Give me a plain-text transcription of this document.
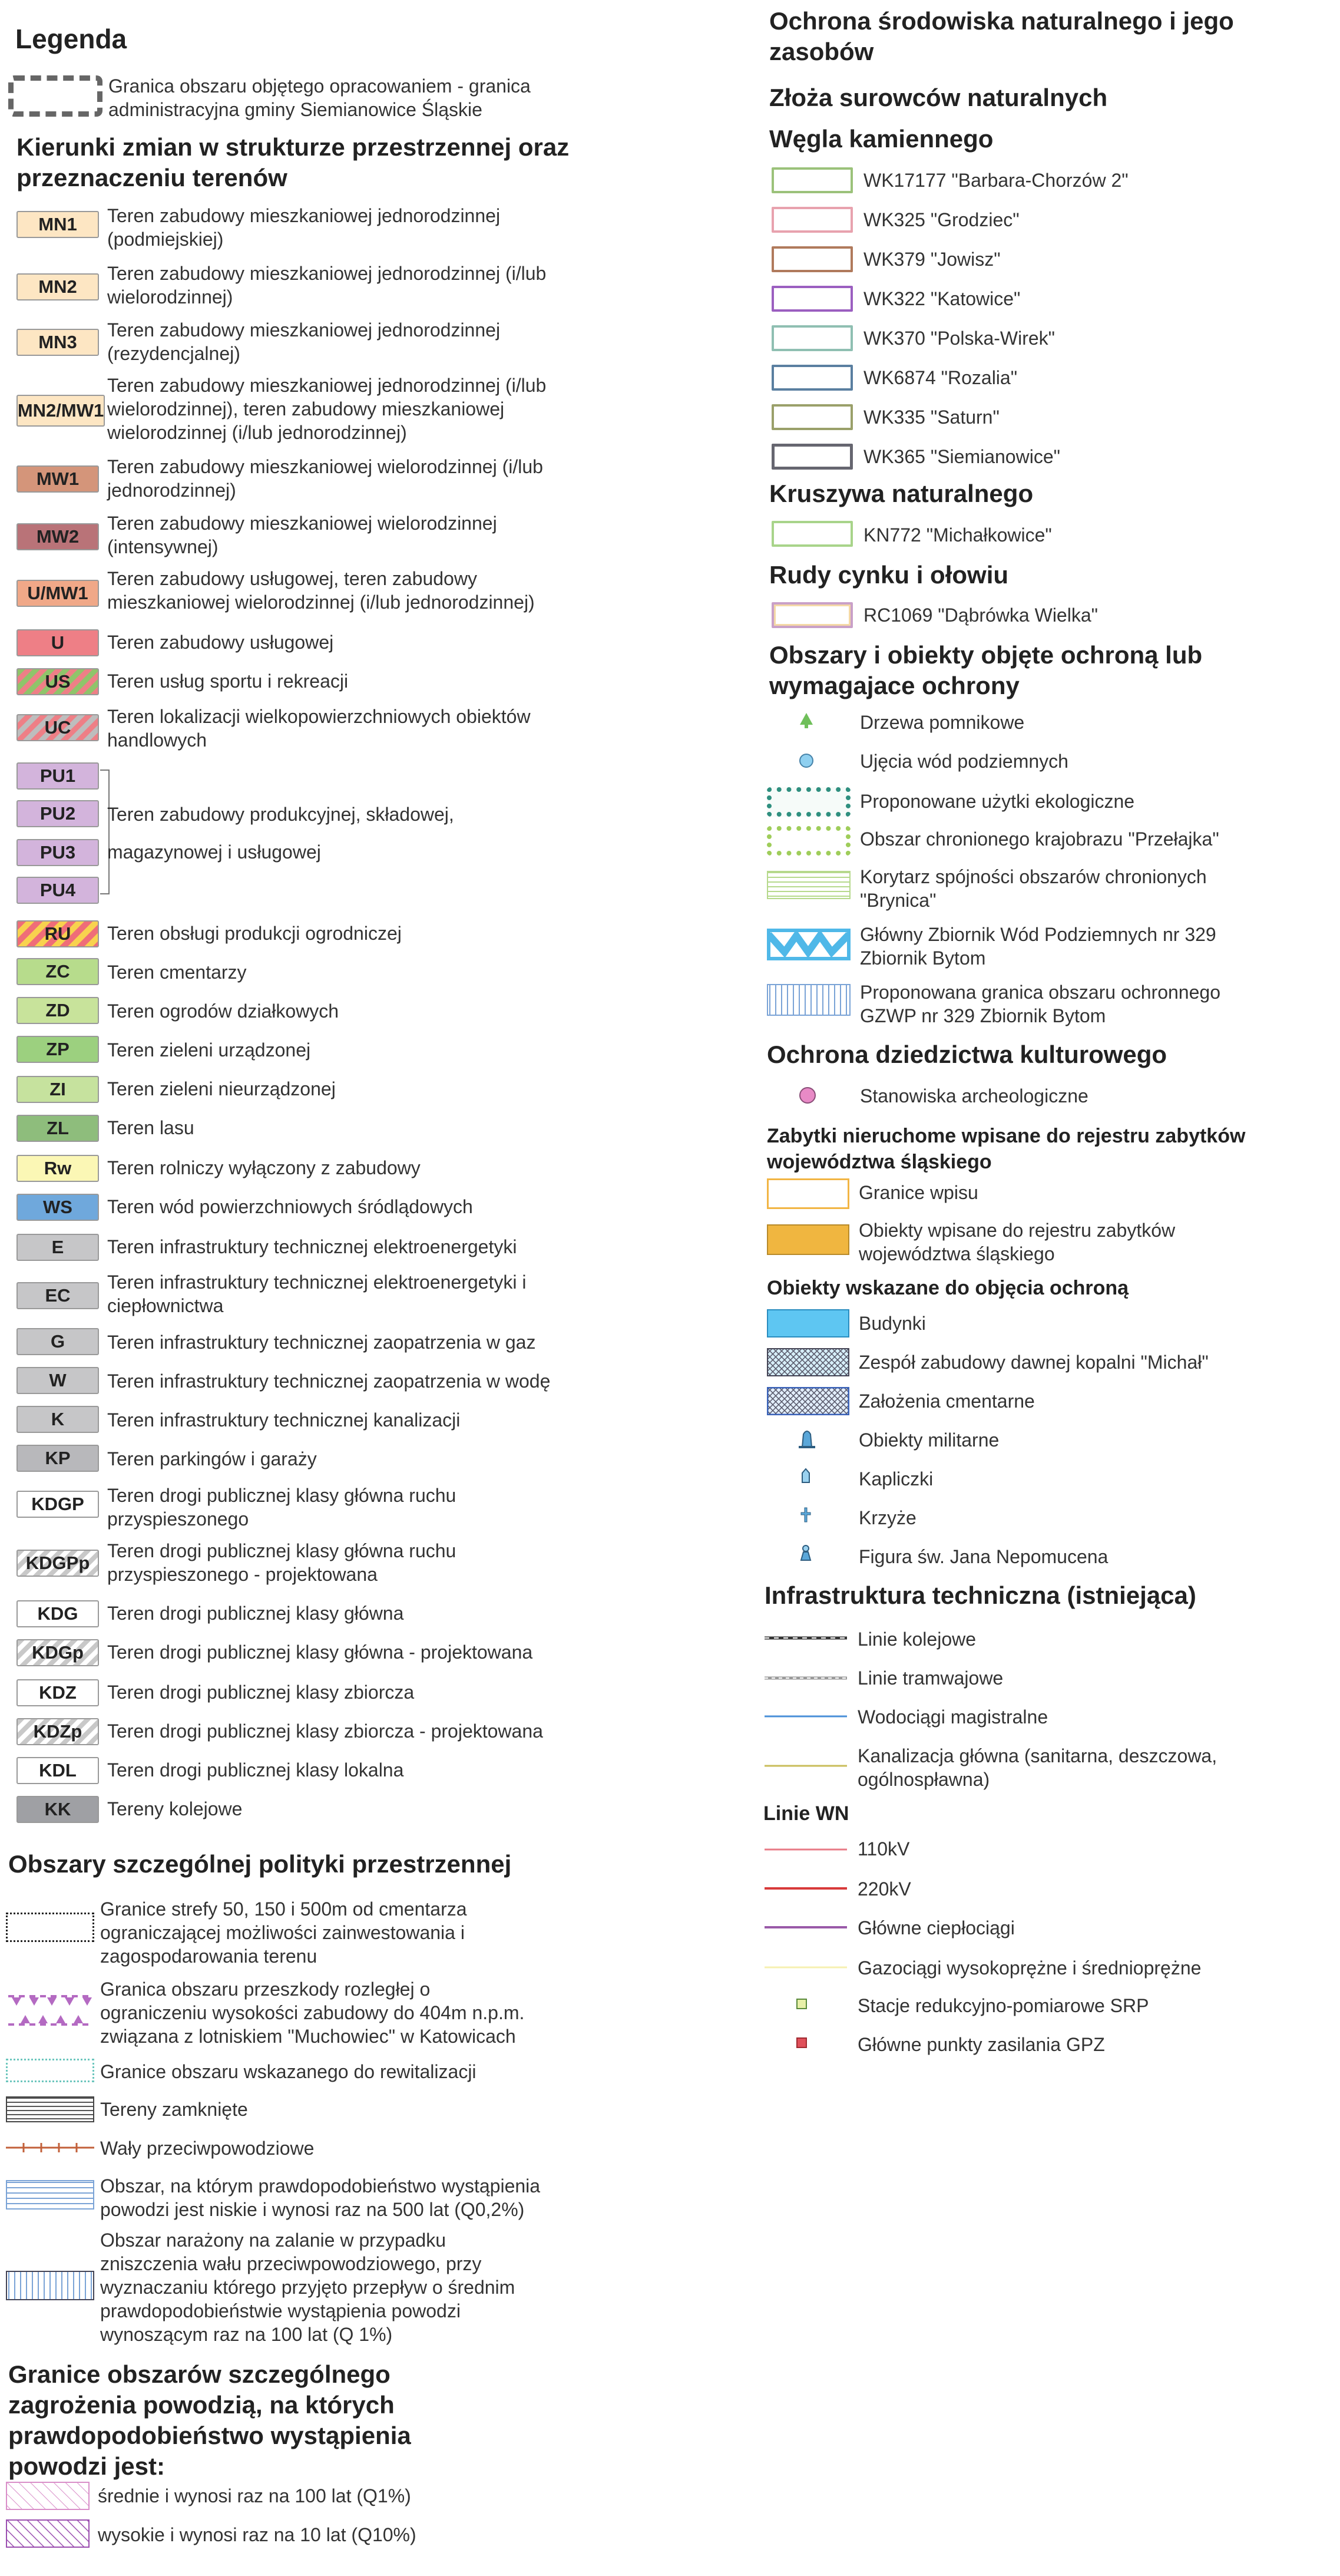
Legenda
Granica obszaru objętego opracowaniem - granica administracyjna gminy Siemianowice Śląskie
Kierunki zmian w strukturze przestrzennej oraz przeznaczeniu terenów
MN1 Teren zabudowy mieszkaniowej jednorodzinnej (podmiejskiej)
MN2
Teren zabudowy mieszkaniowej jednorodzinnej (i/lub wielorodzinnej)
MN3
Teren zabudowy mieszkaniowej jednorodzinnej (rezydencjalnej)
MN2/MW1
Teren zabudowy mieszkaniowej jednorodzinnej (i/lub wielorodzinnej), teren zabudowy mieszkaniowej wielorodzinnej (i/lub jednorodzinnej)
MW1
Teren zabudowy mieszkaniowej wielorodzinnej (i/lub jednorodzinnej)
MW2
Teren zabudowy mieszkaniowej wielorodzinnej (intensywnej)
U/MW1
Teren zabudowy usługowej, teren zabudowy mieszkaniowej wielorodzinnej (i/lub jednorodzinnej)
U Teren zabudowy usługowej
US Teren usług sportu i rekreacji
UC
Teren lokalizacji wielkopowierzchniowych obiektów handlowych
PU1
PU2
PU3
PU4
RU Teren obsługi produkcji ogrodniczej
ZC Teren cmentarzy
ZD Teren ogrodów działkowych
ZP Teren zieleni urządzonej
ZI Teren zieleni nieurządzonej
ZL Teren lasu
Rw Teren rolniczy wyłączony z zabudowy
WS Teren wód powierzchniowych śródlądowych
E Teren infrastruktury technicznej elektroenergetyki
EC
Teren infrastruktury technicznej elektroenergetyki i ciepłownictwa
G Teren infrastruktury technicznej zaopatrzenia w gaz
W Teren infrastruktury technicznej zaopatrzenia w wodę
K Teren infrastruktury technicznej kanalizacji
KP Teren parkingów i garaży
KDGP Teren drogi publicznej klasy główna ruchu przyspieszonego
KDGPp
Teren drogi publicznej klasy główna ruchu przyspieszonego - projektowana
KDG Teren drogi publicznej klasy główna
KDGp Teren drogi publicznej klasy główna - projektowana
KDZ Teren drogi publicznej klasy zbiorcza
KDZp Teren drogi publicznej klasy zbiorcza - projektowana
KDL Teren drogi publicznej klasy lokalna
KK Tereny kolejowe
Teren zabudowy produkcyjnej, składowej,
magazynowej i usługowej
Obszary szczególnej polityki przestrzennej
Granice strefy 50, 150 i 500m od cmentarza ograniczającej możliwości zainwestowania i zagospodarowania terenu
Granica obszaru przeszkody rozległej o ograniczeniu wysokości zabudowy do 404m n.p.m. związana z lotniskiem "Muchowiec" w Katowicach
Granice obszaru wskazanego do rewitalizacji
Tereny zamknięte
Wały przeciwpowodziowe
Obszar, na którym prawdopodobieństwo wystąpienia powodzi jest niskie i wynosi raz na 500 lat (Q0,2%)
Obszar narażony na zalanie w przypadku zniszczenia wału przeciwpowodziowego, przy wyznaczaniu którego przyjęto przepływ o średnim prawdopodobieństwie wystąpienia powodzi wynoszącym raz na 100 lat (Q 1%)
Granice obszarów szczególnego zagrożenia powodzią, na których prawdopodobieństwo wystąpienia powodzi jest:
średnie i wynosi raz na 100 lat (Q1%)
wysokie i wynosi raz na 10 lat (Q10%)
Ochrona środowiska naturalnego i jego zasobów
Złoża surowców naturalnych
Węgla kamiennego
WK17177 "Barbara-Chorzów 2"
WK325 "Grodziec"
WK379 "Jowisz"
WK322 "Katowice"
WK370 "Polska-Wirek"
WK6874 "Rozalia"
WK335 "Saturn"
WK365 "Siemianowice"
Kruszywa naturalnego
KN772 "Michałkowice"
Rudy cynku i ołowiu
RC1069 "Dąbrówka Wielka"
Obszary i obiekty objęte ochroną lub wymagajace ochrony
Drzewa pomnikowe
Ujęcia wód podziemnych
Proponowane użytki ekologiczne
Obszar chronionego krajobrazu "Przełajka"
Korytarz spójności obszarów chronionych "Brynica"
Główny Zbiornik Wód Podziemnych nr 329 Zbiornik Bytom
Proponowana granica obszaru ochronnego GZWP nr 329 Zbiornik Bytom
Ochrona dziedzictwa kulturowego
Stanowiska archeologiczne
Zabytki nieruchome wpisane do rejestru zabytków województwa śląskiego
Granice wpisu
Obiekty wpisane do rejestru zabytków województwa śląskiego
Obiekty wskazane do objęcia ochroną
Budynki
Zespół zabudowy dawnej kopalni "Michał"
Założenia cmentarne
Obiekty militarne
Kapliczki
Krzyże
Figura św. Jana Nepomucena
Infrastruktura techniczna (istniejąca)
Linie kolejowe
Linie tramwajowe
Wodociągi magistralne
Kanalizacja główna (sanitarna, deszczowa, ogólnospławna)
Linie WN
110kV
220kV
Główne ciepłociągi
Gazociągi wysokoprężne i średnioprężne
Stacje redukcyjno-pomiarowe SRP
Główne punkty zasilania GPZ
